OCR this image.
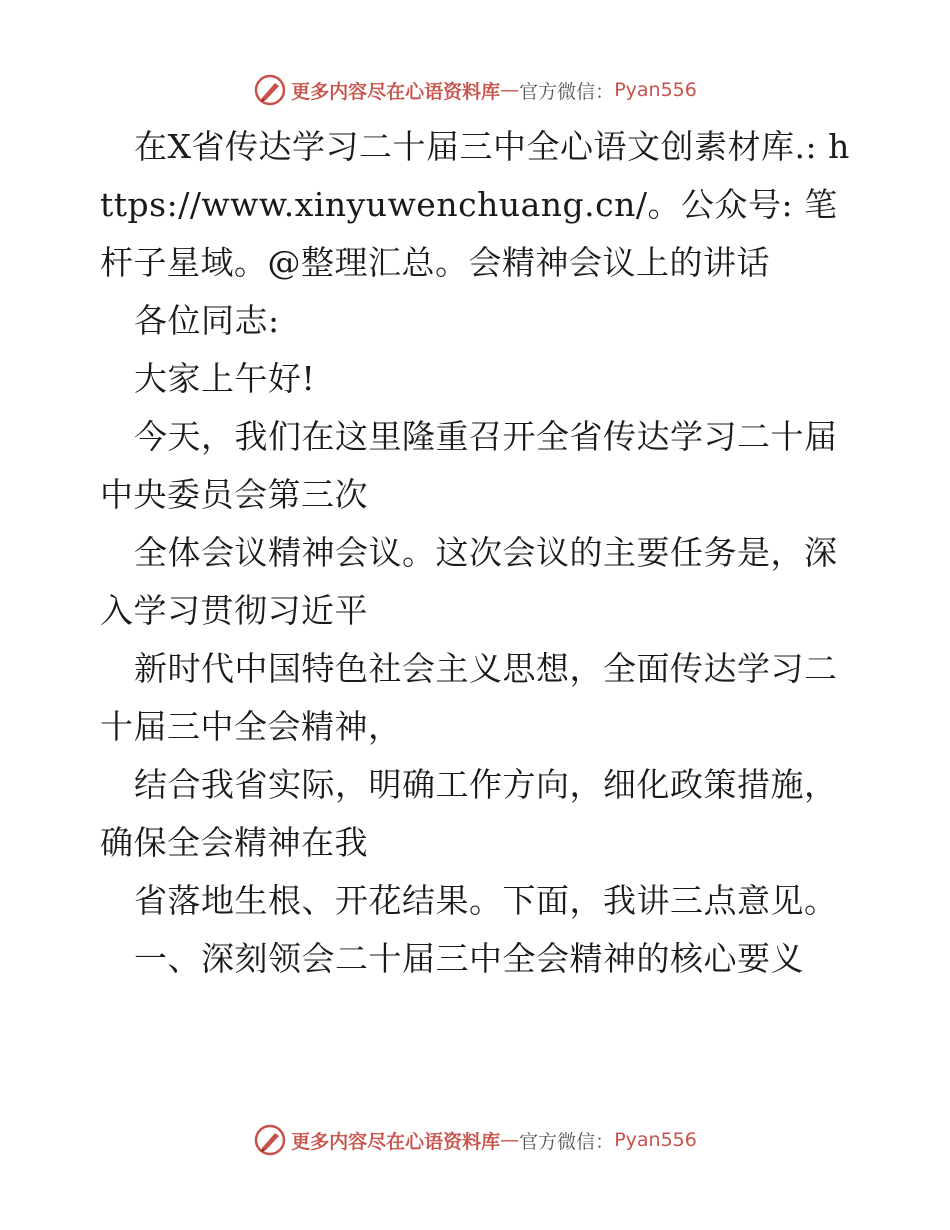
更多内容尽在心语资料库 — 官方微信： Pyan556

在X省传达学习二十届三中全心语文创素材库.: https://www.xinyuwenchuang.cn/。公众号: 笔杆子星域。@整理汇总。会精神会议上的讲话

各位同志:

大家上午好!

今天，我们在这里隆重召开全省传达学习二十届中央委员会第三次

全体会议精神会议。这次会议的主要任务是，深入学习贯彻习近平

新时代中国特色社会主义思想，全面传达学习二十届三中全会精神，

结合我省实际，明确工作方向，细化政策措施，确保全会精神在我

省落地生根、开花结果。下面，我讲三点意见。

一、深刻领会二十届三中全会精神的核心要义

更多内容尽在心语资料库 — 官方微信： Pyan556
